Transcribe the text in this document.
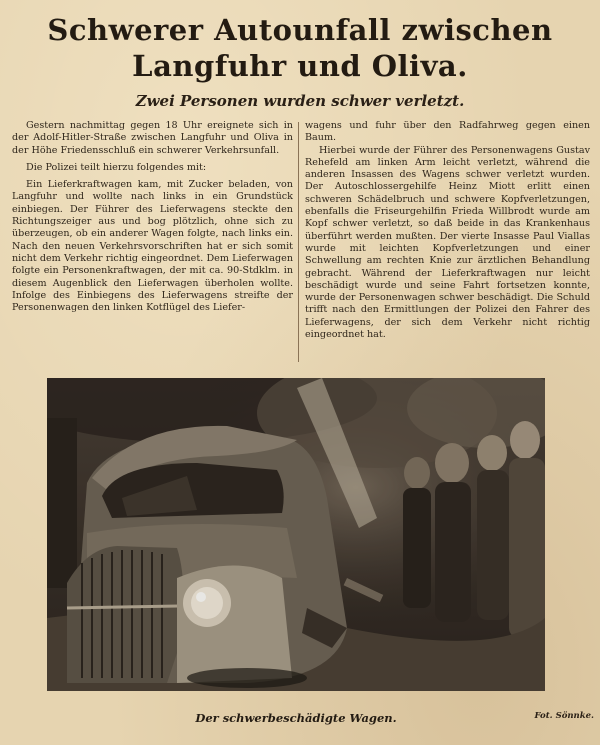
Schwerer Autounfall zwischen Langfuhr und Oliva.
Zwei Personen wurden schwer verletzt.

Gestern nachmittag gegen 18 Uhr ereignete sich in der Adolf-Hitler-Straße zwischen Langfuhr und Oliva in der Höhe Friedensschluß ein schwerer Verkehrsunfall.

Die Polizei teilt hierzu folgendes mit:

Ein Lieferkraftwagen kam, mit Zucker beladen, von Langfuhr und wollte nach links in ein Grundstück einbiegen. Der Führer des Lieferwagens steckte den Richtungszeiger aus und bog plötzlich, ohne sich zu überzeugen, ob ein anderer Wagen folgte, nach links ein. Nach den neuen Verkehrsvorschriften hat er sich somit nicht dem Verkehr richtig eingeordnet. Dem Lieferwagen folgte ein Personenkraftwagen, der mit ca. 90-Stdklm. in diesem Augenblick den Lieferwagen überholen wollte. Infolge des Einbiegens des Lieferwagens streifte der Personenwagen den linken Kotflügel des Liefer-

wagens und fuhr über den Radfahrweg gegen einen Baum.

Hierbei wurde der Führer des Personenwagens Gustav Rehefeld am linken Arm leicht verletzt, während die anderen Insassen des Wagens schwer verletzt wurden. Der Autoschlossergehilfe Heinz Miott erlitt einen schweren Schädelbruch und schwere Kopfverletzungen, ebenfalls die Friseurgehilfin Frieda Willbrodt wurde am Kopf schwer verletzt, so daß beide in das Krankenhaus überführt werden mußten. Der vierte Insasse Paul Viallas wurde mit leichten Kopfverletzungen und einer Schwellung am rechten Knie zur ärztlichen Behandlung gebracht. Während der Lieferkraftwagen nur leicht beschädigt wurde und seine Fahrt fortsetzen konnte, wurde der Personenwagen schwer beschädigt. Die Schuld trifft nach den Ermittlungen der Polizei den Fahrer des Lieferwagens, der sich dem Verkehr nicht richtig eingeordnet hat.

Der schwerbeschädigte Wagen.	Fot. Sönnke.
